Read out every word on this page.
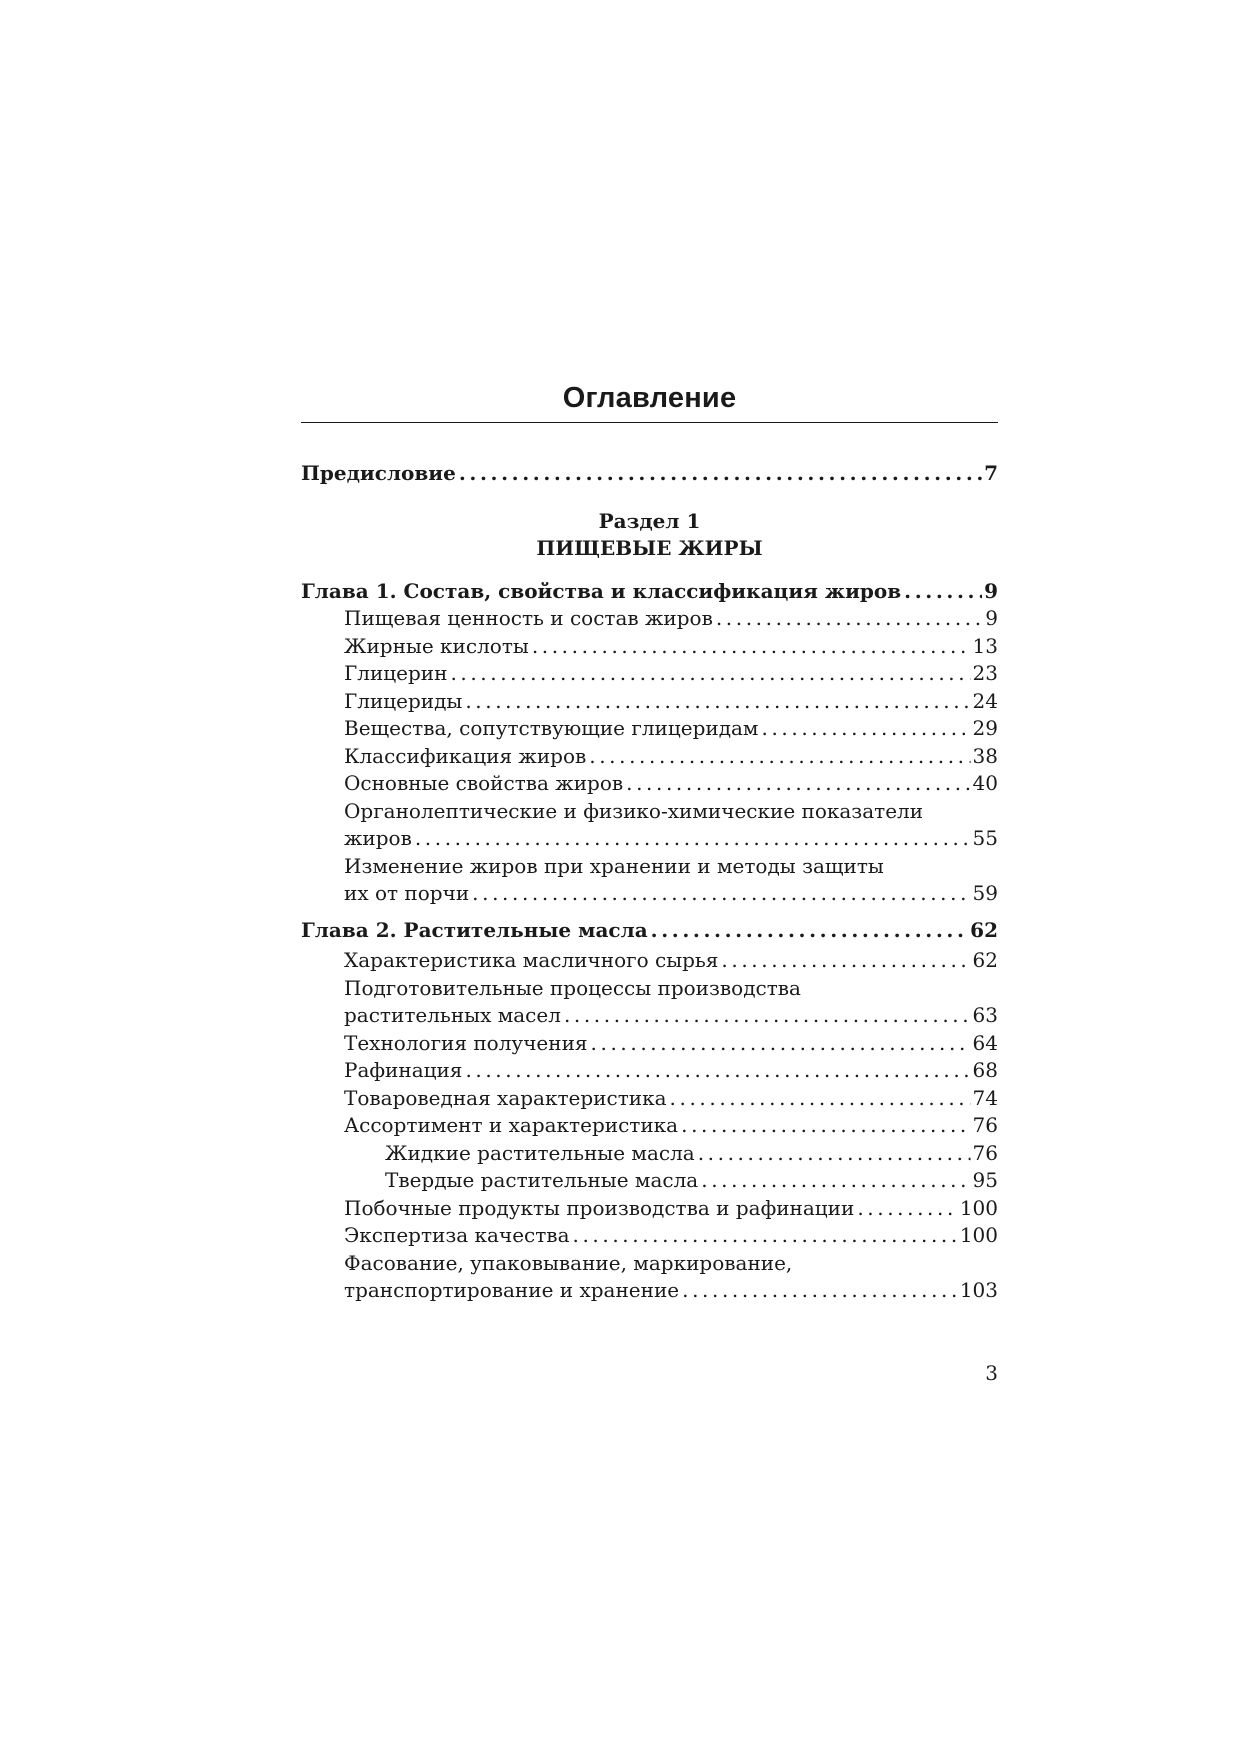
Оглавление
Предисловие .....	7
Раздел 1
ПИЩЕВЫЕ ЖИРЫ
Глава 1. Состав, свойства и классификация жиров .....	9
Пищевая ценность и состав жиров .....	9
Жирные кислоты .....	13
Глицерин .....	23
Глицериды .....	24
Вещества, сопутствующие глицеридам .....	29
Классификация жиров .....	38
Основные свойства жиров .....	40
Органолептические и физико-химические показатели
жиров .....	55
Изменение жиров при хранении и методы защиты
их от порчи .....	59
Глава 2. Растительные масла .....	62
Характеристика масличного сырья .....	62
Подготовительные процессы производства
растительных масел .....	63
Технология получения .....	64
Рафинация .....	68
Товароведная характеристика .....	74
Ассортимент и характеристика .....	76
Жидкие растительные масла .....	76
Твердые растительные масла .....	95
Побочные продукты производства и рафинации .....	100
Экспертиза качества .....	100
Фасование, упаковывание, маркирование,
транспортирование и хранение .....	103
3
